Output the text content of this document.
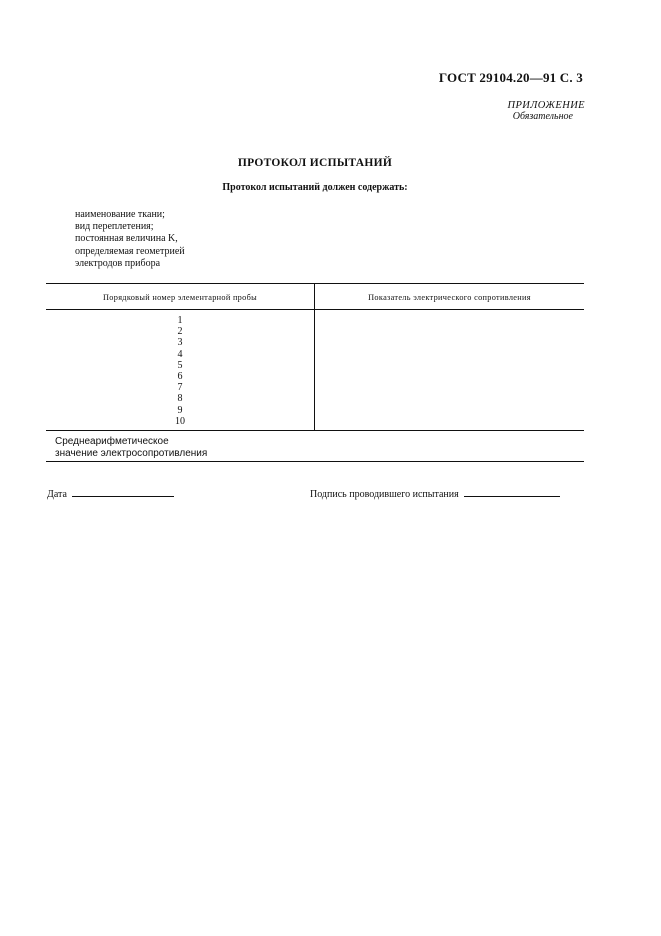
ГОСТ 29104.20—91 С. 3
ПРИЛОЖЕНИЕ
Обязательное
ПРОТОКОЛ ИСПЫТАНИЙ
Протокол испытаний должен содержать:
наименование ткани;
вид переплетения;
постоянная величина K,
определяемая геометрией
электродов прибора
Порядковый номер элементарной пробы	Показатель электрического сопротивления
1
2
3
4
5
6
7
8
9
10
Среднеарифметическое
значение электросопротивления
Дата	Подпись проводившего испытания
